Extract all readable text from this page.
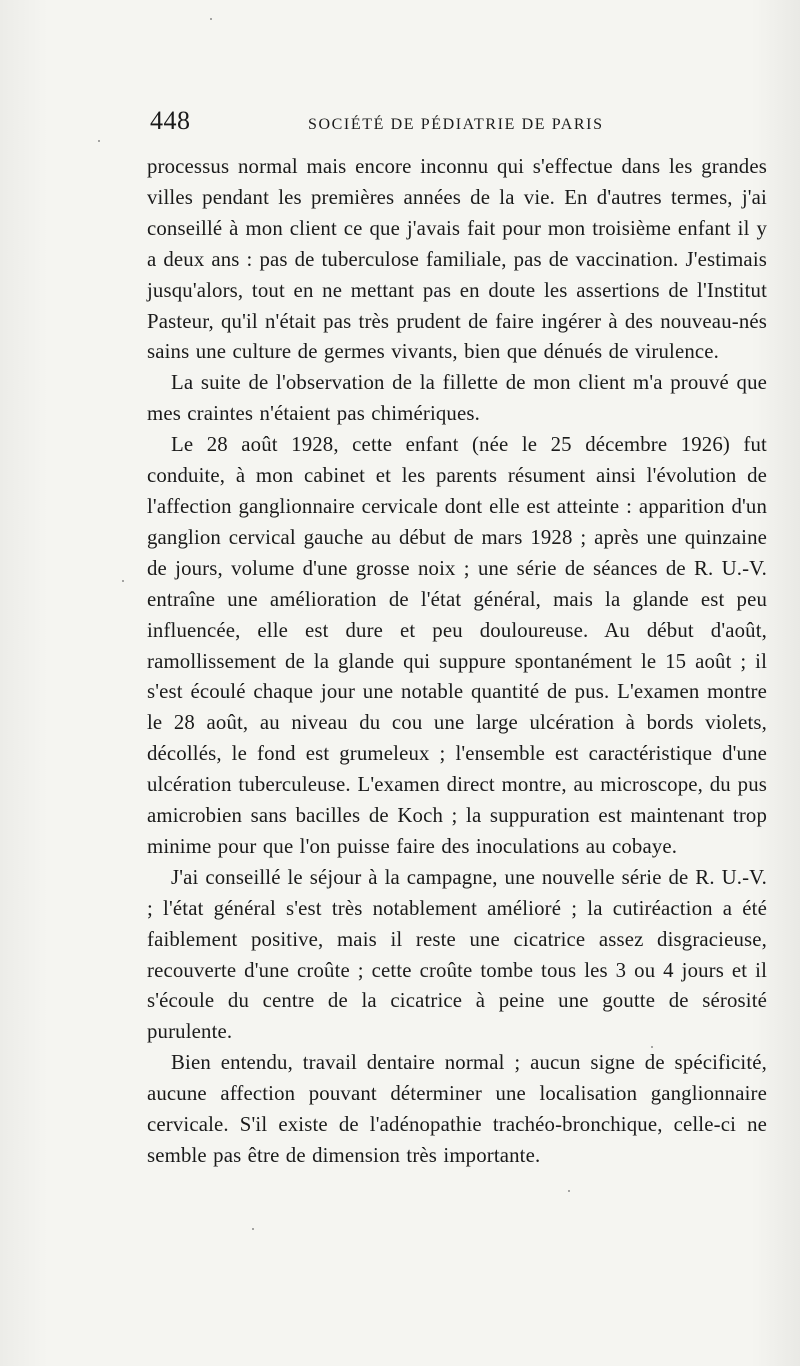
448	SOCIÉTÉ DE PÉDIATRIE DE PARIS

processus normal mais encore inconnu qui s'effectue dans les grandes villes pendant les premières années de la vie. En d'autres termes, j'ai conseillé à mon client ce que j'avais fait pour mon troisième enfant il y a deux ans : pas de tuberculose familiale, pas de vaccination. J'estimais jusqu'alors, tout en ne mettant pas en doute les assertions de l'Institut Pasteur, qu'il n'était pas très prudent de faire ingérer à des nouveau-nés sains une culture de germes vivants, bien que dénués de virulence.

La suite de l'observation de la fillette de mon client m'a prouvé que mes craintes n'étaient pas chimériques.

Le 28 août 1928, cette enfant (née le 25 décembre 1926) fut conduite, à mon cabinet et les parents résument ainsi l'évolution de l'affection ganglionnaire cervicale dont elle est atteinte : apparition d'un ganglion cervical gauche au début de mars 1928 ; après une quinzaine de jours, volume d'une grosse noix ; une série de séances de R. U.-V. entraîne une amélioration de l'état général, mais la glande est peu influencée, elle est dure et peu douloureuse. Au début d'août, ramollissement de la glande qui suppure spontanément le 15 août ; il s'est écoulé chaque jour une notable quantité de pus. L'examen montre le 28 août, au niveau du cou une large ulcération à bords violets, décollés, le fond est grumeleux ; l'ensemble est caractéristique d'une ulcération tuberculeuse. L'examen direct montre, au microscope, du pus amicrobien sans bacilles de Koch ; la suppuration est maintenant trop minime pour que l'on puisse faire des inoculations au cobaye.

J'ai conseillé le séjour à la campagne, une nouvelle série de R. U.-V. ; l'état général s'est très notablement amélioré ; la cutiréaction a été faiblement positive, mais il reste une cicatrice assez disgracieuse, recouverte d'une croûte ; cette croûte tombe tous les 3 ou 4 jours et il s'écoule du centre de la cicatrice à peine une goutte de sérosité purulente.

Bien entendu, travail dentaire normal ; aucun signe de spécificité, aucune affection pouvant déterminer une localisation ganglionnaire cervicale. S'il existe de l'adénopathie trachéo-bronchique, celle-ci ne semble pas être de dimension très importante.
